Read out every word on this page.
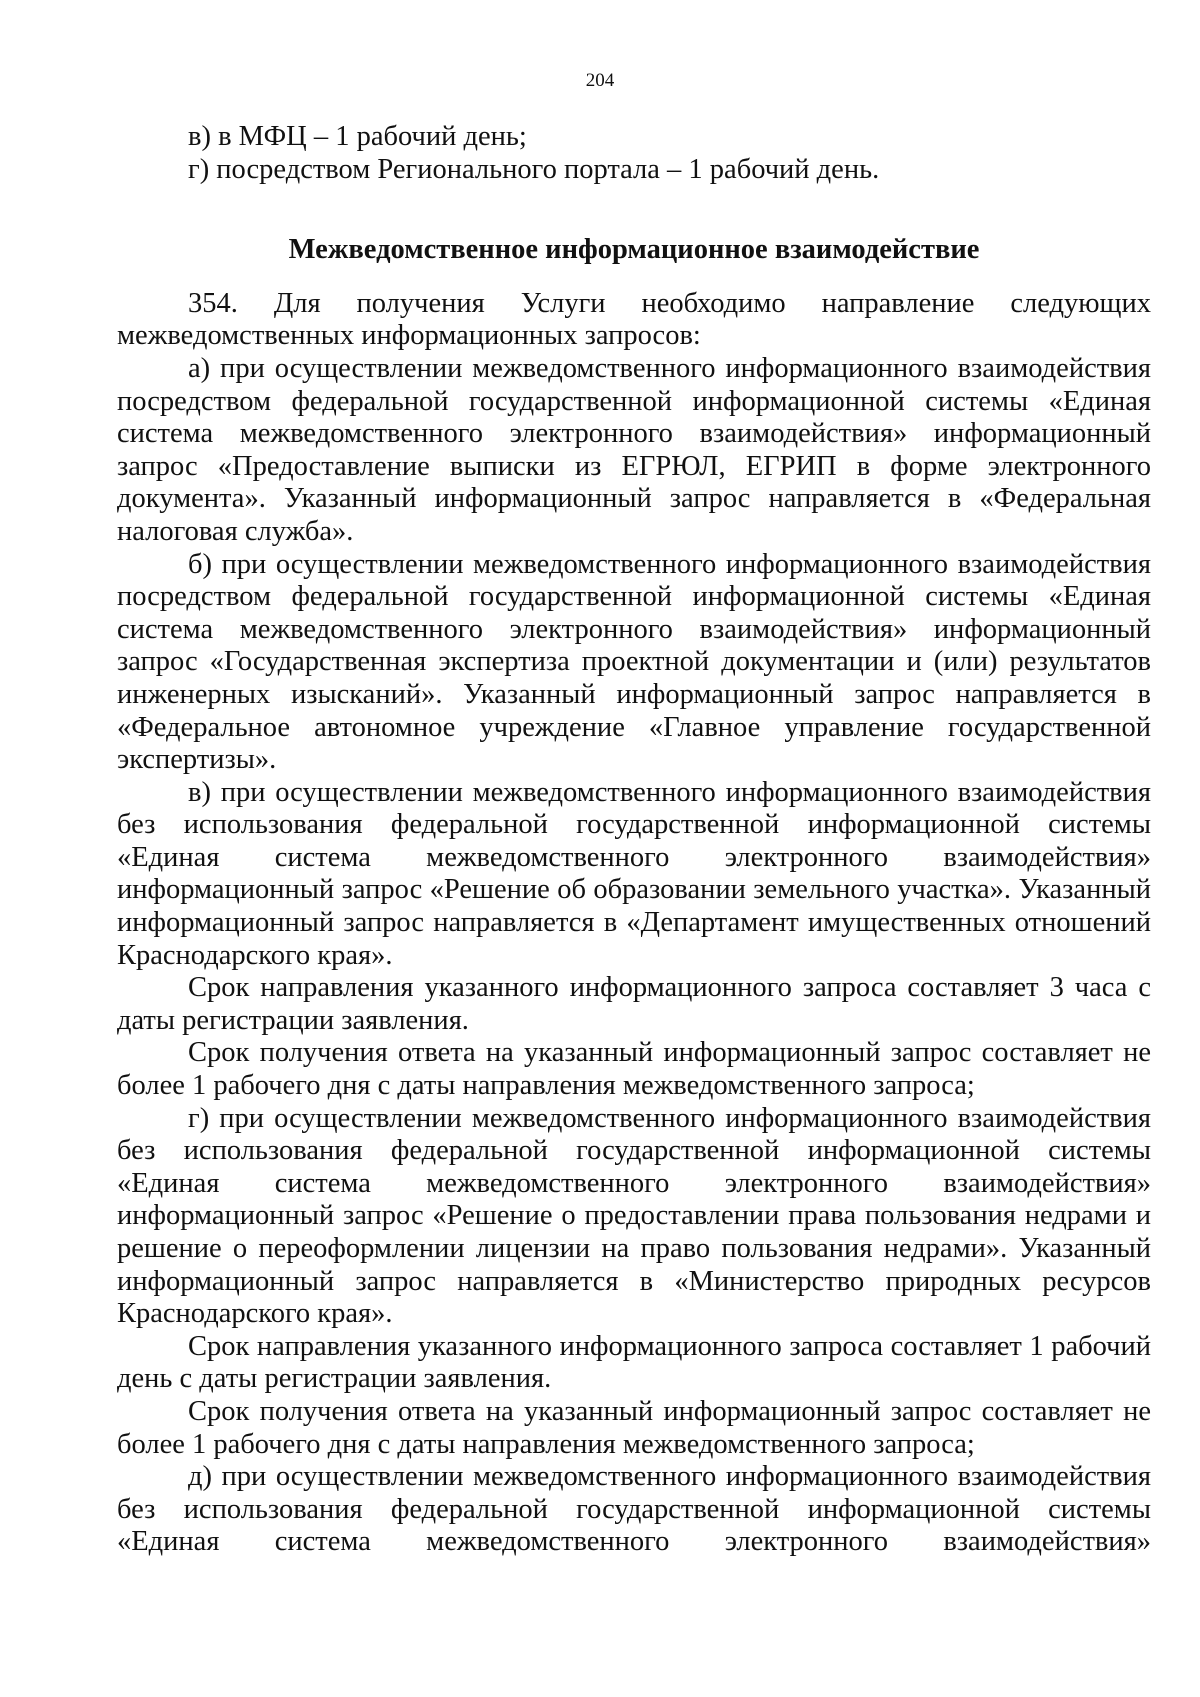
204

в) в МФЦ – 1 рабочий день;

г) посредством Регионального портала – 1 рабочий день.

Межведомственное информационное взаимодействие

354. Для получения Услуги необходимо направление следующих межведомственных информационных запросов:

а) при осуществлении межведомственного информационного взаимодействия посредством федеральной государственной информационной системы «Единая система межведомственного электронного взаимодействия» информационный запрос «Предоставление выписки из ЕГРЮЛ, ЕГРИП в форме электронного документа». Указанный информационный запрос направляется в «Федеральная налоговая служба».

б) при осуществлении межведомственного информационного взаимодействия посредством федеральной государственной информационной системы «Единая система межведомственного электронного взаимодействия» информационный запрос «Государственная экспертиза проектной документации и (или) результатов инженерных изысканий». Указанный информационный запрос направляется в «Федеральное автономное учреждение «Главное управление государственной экспертизы».

в) при осуществлении межведомственного информационного взаимодействия без использования федеральной государственной информационной системы «Единая система межведомственного электронного взаимодействия» информационный запрос «Решение об образовании земельного участка». Указанный информационный запрос направляется в «Департамент имущественных отношений Краснодарского края».

Срок направления указанного информационного запроса составляет 3 часа с даты регистрации заявления.

Срок получения ответа на указанный информационный запрос составляет не более 1 рабочего дня с даты направления межведомственного запроса;

г) при осуществлении межведомственного информационного взаимодействия без использования федеральной государственной информационной системы «Единая система межведомственного электронного взаимодействия» информационный запрос «Решение о предоставлении права пользования недрами и решение о переоформлении лицензии на право пользования недрами». Указанный информационный запрос направляется в «Министерство природных ресурсов Краснодарского края».

Срок направления указанного информационного запроса составляет 1 рабочий день с даты регистрации заявления.

Срок получения ответа на указанный информационный запрос составляет не более 1 рабочего дня с даты направления межведомственного запроса;

д) при осуществлении межведомственного информационного взаимодействия без использования федеральной государственной информационной системы «Единая система межведомственного электронного взаимодействия»
